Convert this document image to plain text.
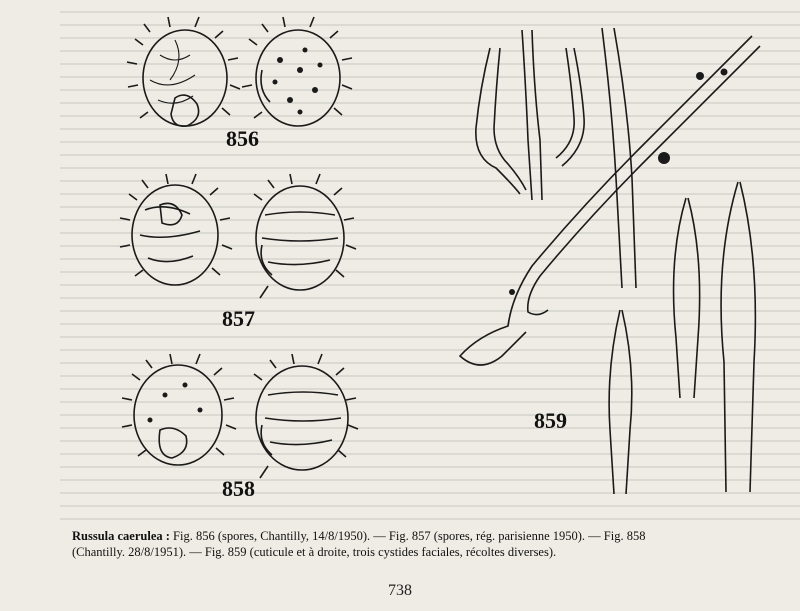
856
857
858
859
Russula caerulea : Fig. 856 (spores, Chantilly, 14/8/1950). — Fig. 857 (spores, rég. parisienne 1950). — Fig. 858
(Chantilly. 28/8/1951). — Fig. 859 (cuticule et à droite, trois cystides faciales, récoltes diverses).
738
